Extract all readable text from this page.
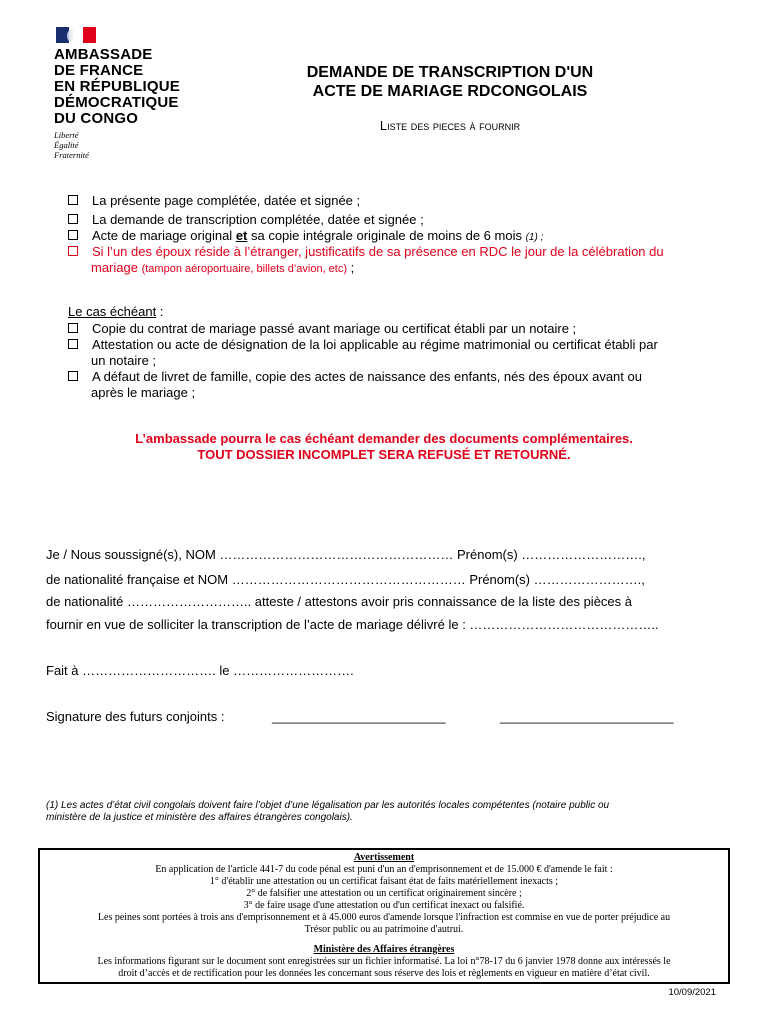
AMBASSADE
DE FRANCE
EN RÉPUBLIQUE
DÉMOCRATIQUE
DU CONGO
Liberté
Égalité
Fraternité
DEMANDE DE TRANSCRIPTION D'UN
ACTE DE MARIAGE RDCONGOLAIS
Liste des pieces à fournir
La présente page complétée, datée et signée ;
La demande de transcription complétée, datée et signée ;
Acte de mariage original et sa copie intégrale originale de moins de 6 mois (1) ;
Si l’un des époux réside à l’étranger, justificatifs de sa présence en RDC le jour de la célébration du
mariage (tampon aéroportuaire, billets d’avion, etc) ;
Le cas échéant :
Copie du contrat de mariage passé avant mariage ou certificat établi par un notaire ;
Attestation ou acte de désignation de la loi applicable au régime matrimonial ou certificat établi par
un notaire ;
A défaut de livret de famille, copie des actes de naissance des enfants, nés des époux avant ou
après le mariage ;
L’ambassade pourra le cas échéant demander des documents complémentaires.
TOUT DOSSIER INCOMPLET SERA REFUSÉ ET RETOURNÉ.
Je / Nous soussigné(s), NOM ……………………………………………… Prénom(s) ……………………….,
de nationalité française et NOM ……………………………………………… Prénom(s) …………………….,
de nationalité ……………………….. atteste / attestons avoir pris connaissance de la liste des pièces à
fournir en vue de solliciter la transcription de l’acte de mariage délivré le : ……………………………………..
Fait à …………………………. le ……………………….
Signature des futurs conjoints :	________________________	________________________
(1) Les actes d’état civil congolais doivent faire l’objet d’une légalisation par les autorités locales compétentes (notaire public ou
ministère de la justice et ministère des affaires étrangères congolais).
Avertissement
En application de l'article 441-7 du code pénal est puni d'un an d'emprisonnement et de 15.000 € d'amende le fait :
1° d'établir une attestation ou un certificat faisant état de faits matériellement inexacts ;
2° de falsifier une attestation ou un certificat originairement sincère ;
3° de faire usage d'une attestation ou d'un certificat inexact ou falsifié.
Les peines sont portées à trois ans d'emprisonnement et à 45.000 euros d'amende lorsque l'infraction est commise en vue de porter préjudice au
Trésor public ou au patrimoine d'autrui.
Ministère des Affaires étrangères
Les informations figurant sur le document sont enregistrées sur un fichier informatisé. La loi n°78-17 du 6 janvier 1978 donne aux intéressés le
droit d’accès et de rectification pour les données les concernant sous réserve des lois et règlements en vigueur en matière d’état civil.
10/09/2021
